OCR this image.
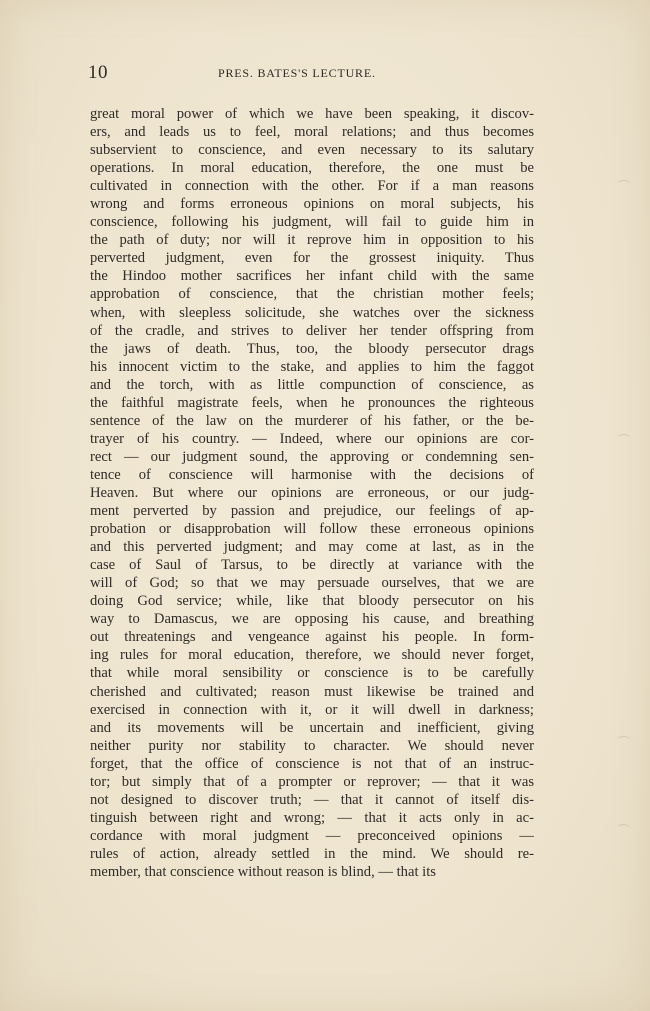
10	PRES. BATES'S LECTURE.
great moral power of which we have been speaking, it discov-
ers, and leads us to feel, moral relations; and thus becomes
subservient to conscience, and even necessary to its salutary
operations. In moral education, therefore, the one must be
cultivated in connection with the other. For if a man reasons
wrong and forms erroneous opinions on moral subjects, his
conscience, following his judgment, will fail to guide him in
the path of duty; nor will it reprove him in opposition to his
perverted judgment, even for the grossest iniquity. Thus
the Hindoo mother sacrifices her infant child with the same
approbation of conscience, that the christian mother feels;
when, with sleepless solicitude, she watches over the sickness
of the cradle, and strives to deliver her tender offspring from
the jaws of death. Thus, too, the bloody persecutor drags
his innocent victim to the stake, and applies to him the faggot
and the torch, with as little compunction of conscience, as
the faithful magistrate feels, when he pronounces the righteous
sentence of the law on the murderer of his father, or the be-
trayer of his country. — Indeed, where our opinions are cor-
rect — our judgment sound, the approving or condemning sen-
tence of conscience will harmonise with the decisions of
Heaven. But where our opinions are erroneous, or our judg-
ment perverted by passion and prejudice, our feelings of ap-
probation or disapprobation will follow these erroneous opinions
and this perverted judgment; and may come at last, as in the
case of Saul of Tarsus, to be directly at variance with the
will of God; so that we may persuade ourselves, that we are
doing God service; while, like that bloody persecutor on his
way to Damascus, we are opposing his cause, and breathing
out threatenings and vengeance against his people. In form-
ing rules for moral education, therefore, we should never forget,
that while moral sensibility or conscience is to be carefully
cherished and cultivated; reason must likewise be trained and
exercised in connection with it, or it will dwell in darkness;
and its movements will be uncertain and inefficient, giving
neither purity nor stability to character. We should never
forget, that the office of conscience is not that of an instruc-
tor; but simply that of a prompter or reprover; — that it was
not designed to discover truth; — that it cannot of itself dis-
tinguish between right and wrong; — that it acts only in ac-
cordance with moral judgment — preconceived opinions —
rules of action, already settled in the mind. We should re-
member, that conscience without reason is blind, — that its
